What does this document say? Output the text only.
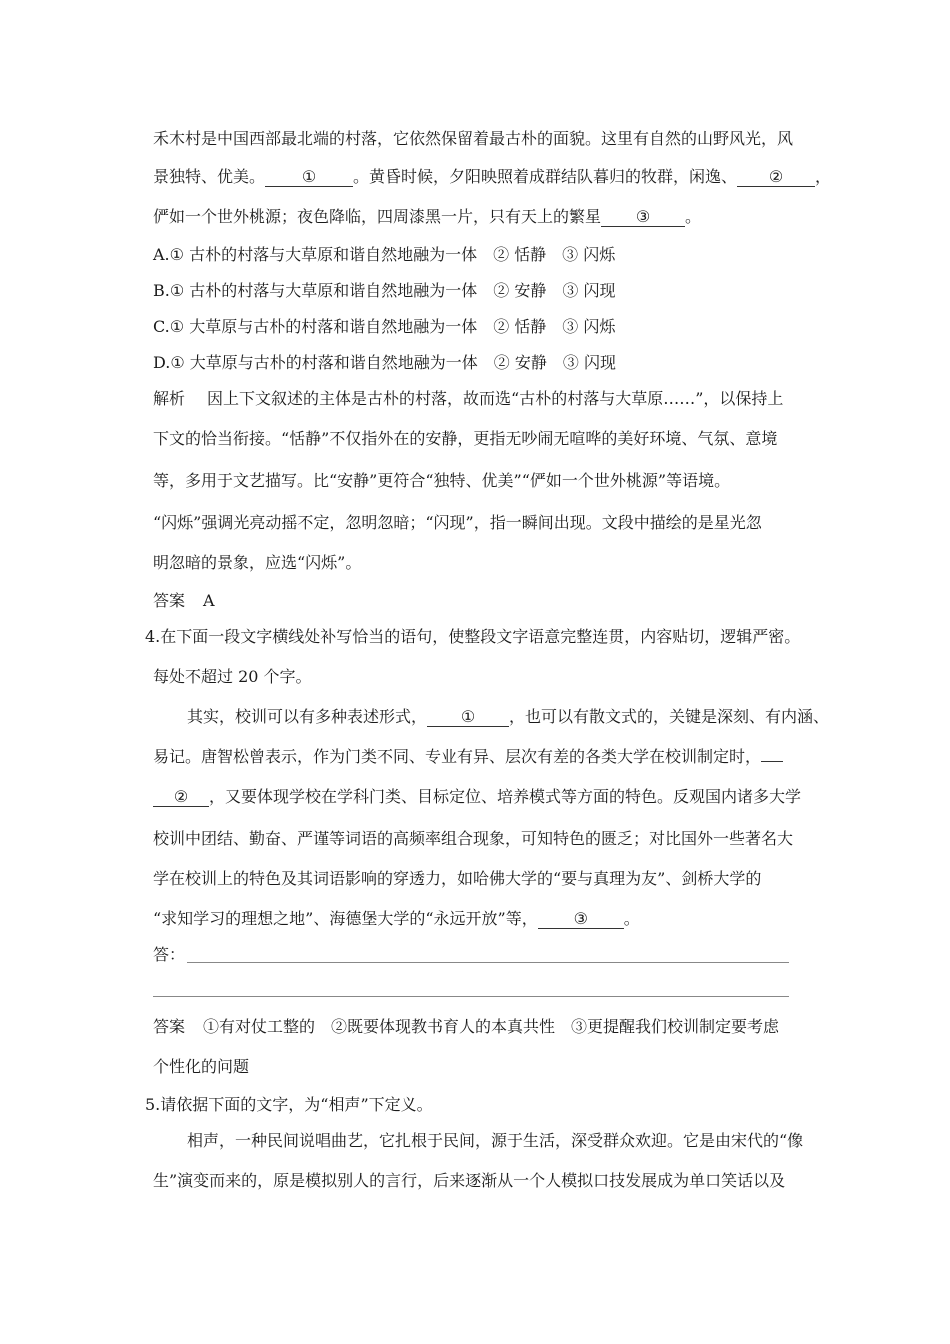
禾木村是中国西部最北端的村落，它依然保留着最古朴的面貌。这里有自然的山野风光，风
景独特、优美。 ① 。黄昏时候，夕阳映照着成群结队暮归的牧群，闲逸、 ② ，
俨如一个世外桃源；夜色降临，四周漆黑一片，只有天上的繁星 ③ 。
A.① 古朴的村落与大草原和谐自然地融为一体　② 恬静　③ 闪烁
B.① 古朴的村落与大草原和谐自然地融为一体　② 安静　③ 闪现
C.① 大草原与古朴的村落和谐自然地融为一体　② 恬静　③ 闪烁
D.① 大草原与古朴的村落和谐自然地融为一体　② 安静　③ 闪现
解析 因上下文叙述的主体是古朴的村落，故而选“古朴的村落与大草原……”，以保持上
下文的恰当衔接。“恬静”不仅指外在的安静，更指无吵闹无喧哗的美好环境、气氛、意境
等，多用于文艺描写。比“安静”更符合“独特、优美”“俨如一个世外桃源”等语境。
“闪烁”强调光亮动摇不定，忽明忽暗；“闪现”，指一瞬间出现。文段中描绘的是星光忽
明忽暗的景象，应选“闪烁”。
答案 A
4.在下面一段文字横线处补写恰当的语句，使整段文字语意完整连贯，内容贴切，逻辑严密。
每处不超过 20 个字。
其实，校训可以有多种表述形式， ① ，也可以有散文式的，关键是深刻、有内涵、
易记。唐智松曾表示，作为门类不同、专业有异、层次有差的各类大学在校训制定时，
② ，又要体现学校在学科门类、目标定位、培养模式等方面的特色。反观国内诸多大学
校训中团结、勤奋、严谨等词语的高频率组合现象，可知特色的匮乏；对比国外一些著名大
学在校训上的特色及其词语影响的穿透力，如哈佛大学的“要与真理为友”、剑桥大学的
“求知学习的理想之地”、海德堡大学的“永远开放”等， ③ 。
答：
答案 ①有对仗工整的　②既要体现教书育人的本真共性　③更提醒我们校训制定要考虑
个性化的问题
5.请依据下面的文字，为“相声”下定义。
相声，一种民间说唱曲艺，它扎根于民间，源于生活，深受群众欢迎。它是由宋代的“像
生”演变而来的，原是模拟别人的言行，后来逐渐从一个人模拟口技发展成为单口笑话以及
